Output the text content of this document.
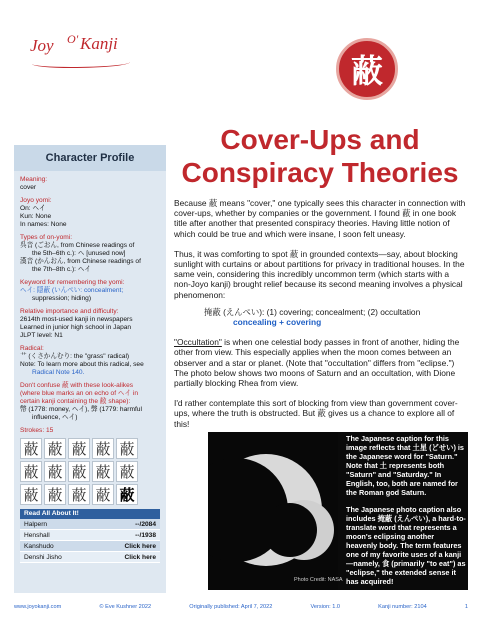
Joy O' Kanji
蔽
Cover-Ups and Conspiracy Theories
Character Profile
Meaning:
cover
Joyo yomi:
On: ヘイ
Kun: None
In names: None
Types of on-yomi:
呉音 (ごおん, from Chinese readings of
the 5th–6th c.): ヘ [unused now]
漢音 (かんおん, from Chinese readings of
the 7th–8th c.): ヘイ
Keyword for remembering the yomi:
ヘイ: 隠蔽 (いんぺい: concealment;
suppression; hiding)
Relative importance and difficulty:
2614th most-used kanji in newspapers
Learned in junior high school in Japan
JLPT level: N1
Radical:
艹 (くさかんむり: the "grass" radical)
Note: To learn more about this radical, see
Radical Note 140.
Don't confuse 蔽 with these look-alikes
(where blue marks an on echo of ヘイ in
certain kanji containing the 敝 shape):
幣 (1778: money, ヘイ), 弊 (1779: harmful
influence, ヘイ)
Strokes: 15
蔽 蔽 蔽 蔽 蔽
蔽 蔽 蔽 蔽 蔽
蔽 蔽 蔽 蔽 蔽
Read All About It!
Halpern	--/2084
Henshall	--/1938
Kanshudo	Click here
Denshi Jisho	Click here

Because 蔽 means "cover," one typically sees this character in connection with cover-ups, whether by companies or the government. I found 蔽 in one book title after another that presented conspiracy theories. Having little notion of which could be true and which were insane, I soon felt uneasy.

Thus, it was comforting to spot 蔽 in grounded contexts—say, about blocking sunlight with curtains or about partitions for privacy in traditional houses. In the same vein, considering this incredibly uncommon term (which starts with a non-Joyo kanji) brought relief because its second meaning involves a physical phenomenon:

掩蔽 (えんぺい): (1) covering; concealment; (2) occultation
concealing + covering

"Occultation" is when one celestial body passes in front of another, hiding the other from view. This especially applies when the moon comes between an observer and a star or planet. (Note that "occultation" differs from "eclipse.") The photo below shows two moons of Saturn and an occultation, with Dione partially blocking Rhea from view.

I'd rather contemplate this sort of blocking from view than government cover-ups, where the truth is obstructed. But 蔽 gives us a chance to explore all of this!

Photo Credit: NASA

The Japanese caption for this image reflects that 土星 (どせい) is the Japanese word for "Saturn." Note that 土 represents both "Saturn" and "Saturday." In English, too, both are named for the Roman god Saturn.

The Japanese photo caption also includes 掩蔽 (えんぺい), a hard-to-translate word that represents a moon's eclipsing another heavenly body. The term features one of my favorite uses of a kanji—namely, 食 (primarily "to eat") as "eclipse," the extended sense it has acquired!

www.joyokanji.com	© Eve Kushner 2022	Originally published: April 7, 2022	Version: 1.0	Kanji number: 2104	1
